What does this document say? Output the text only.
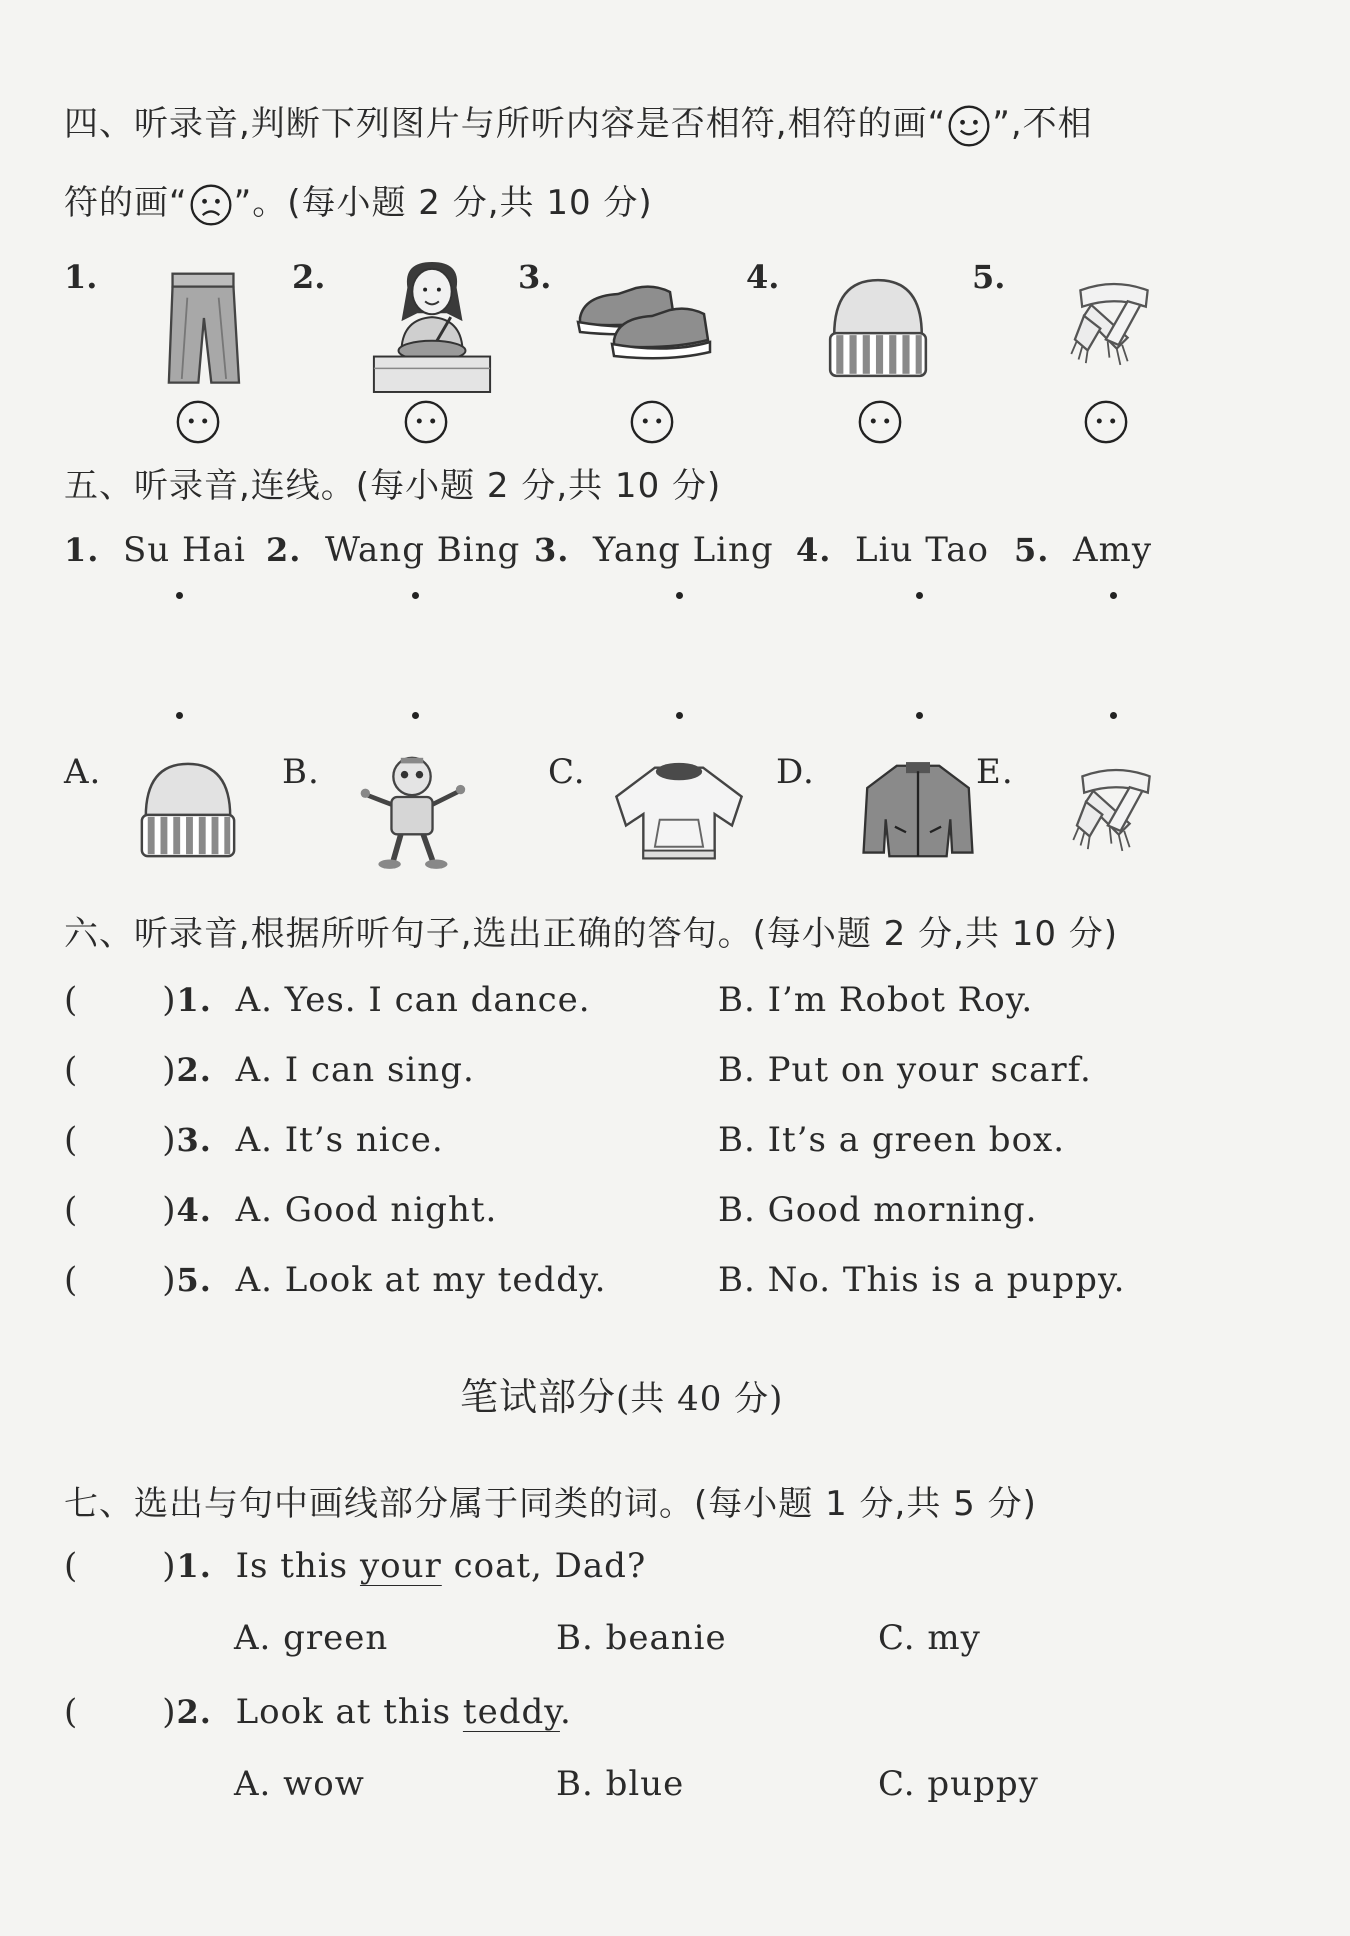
四、听录音,判断下列图片与所听内容是否相符,相符的画“ ”,不相
符的画“ ”。(每小题 2 分,共 10 分)
1.	2.	3.	4.	5.
五、听录音,连线。(每小题 2 分,共 10 分)
1. Su Hai 2. Wang Bing 3. Yang Ling 4. Liu Tao 5. Amy
A.	B.	C.	D.	E.
六、听录音,根据所听句子,选出正确的答句。(每小题 2 分,共 10 分)
( )1. A. Yes. I can dance.	B. I’m Robot Roy.
( )2. A. I can sing.	B. Put on your scarf.
( )3. A. It’s nice.	B. It’s a green box.
( )4. A. Good night.	B. Good morning.
( )5. A. Look at my teddy.	B. No. This is a puppy.
笔试部分(共 40 分)
七、选出与句中画线部分属于同类的词。(每小题 1 分,共 5 分)
( )1. Is this your coat, Dad?
A. green	B. beanie	C. my
( )2. Look at this teddy.
A. wow	B. blue	C. puppy
